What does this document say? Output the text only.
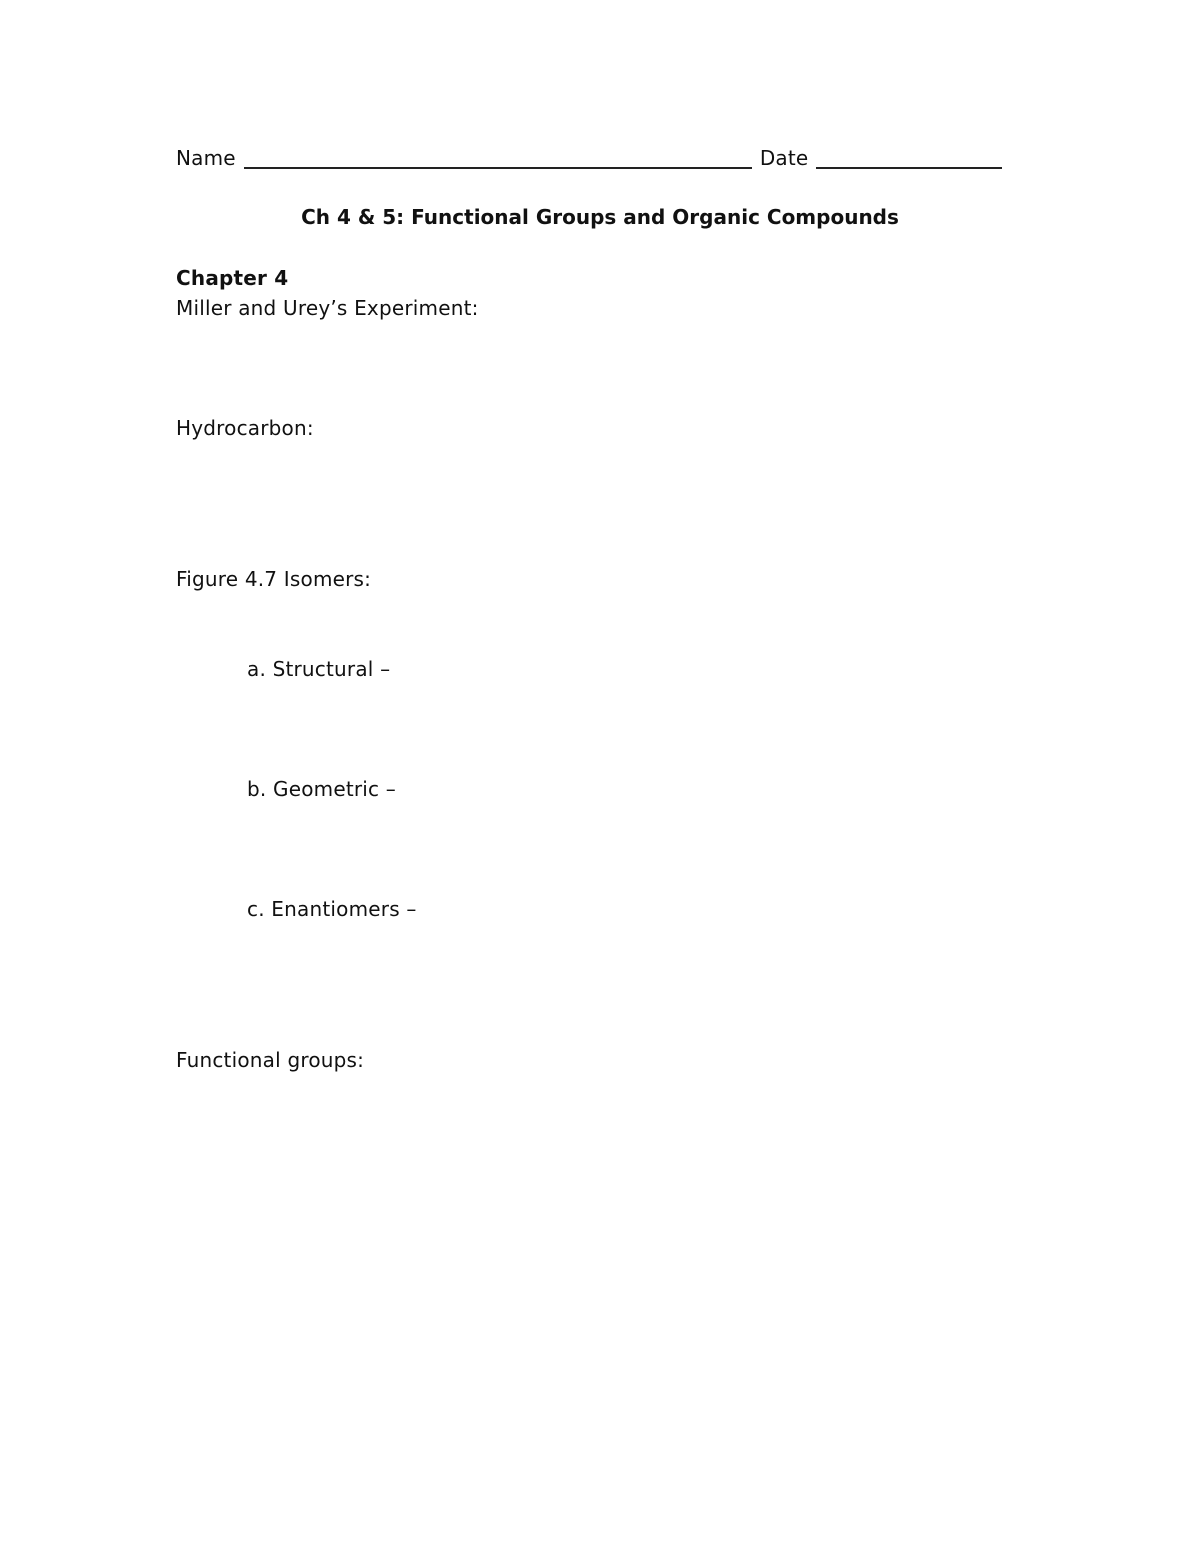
Name	Date
Ch 4 & 5: Functional Groups and Organic Compounds
Chapter 4
Miller and Urey’s Experiment:
Hydrocarbon:
Figure 4.7 Isomers:
a. Structural –
b. Geometric –
c. Enantiomers –
Functional groups:
